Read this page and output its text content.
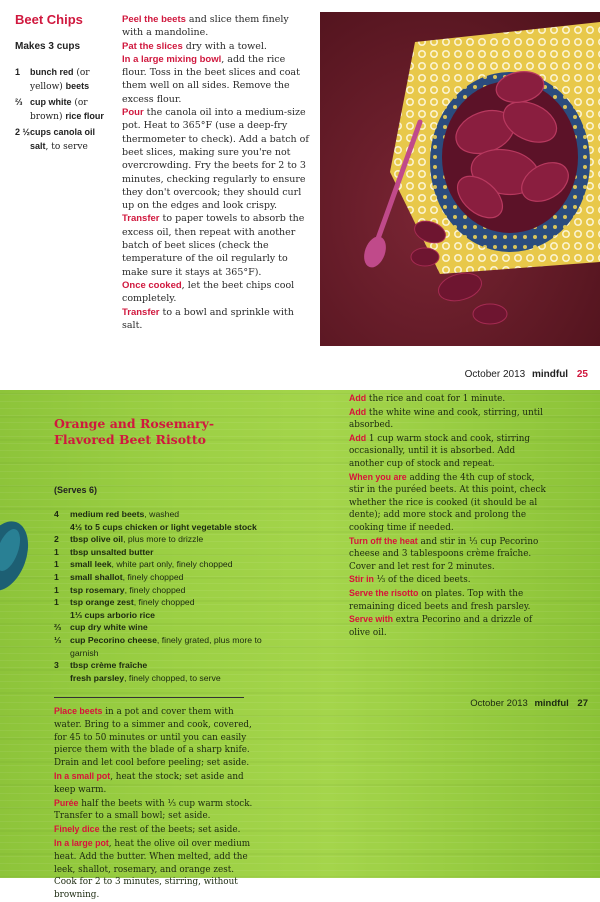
Beet Chips
Makes 3 cups
1	bunch red (or yellow) beets
⅔ cup white (or brown) rice flour
2 ½ cups canola oil
salt, to serve

Peel the beets and slice them finely with a mandoline.

Pat the slices dry with a towel.

In a large mixing bowl, add the rice flour. Toss in the beet slices and coat them well on all sides. Remove the excess flour.

Pour the canola oil into a medium-size pot. Heat to 365°F (use a deep-fry thermometer to check). Add a batch of beet slices, making sure you're not overcrowding. Fry the beets for 2 to 3 minutes, checking regularly to ensure they don't overcook; they should curl up on the edges and look crispy.

Transfer to paper towels to absorb the excess oil, then repeat with another batch of beet slices (check the temperature of the oil regularly to make sure it stays at 365°F).

Once cooked, let the beet chips cool completely.

Transfer to a bowl and sprinkle with salt.

October 2013 mindful 25
Orange and Rosemary-Flavored Beet Risotto
(Serves 6)
4	medium red beets, washed
4½ to 5 cups chicken or light vegetable stock
2	tbsp olive oil, plus more to drizzle
1	tbsp unsalted butter
1	small leek, white part only, finely chopped
1	small shallot, finely chopped
1	tsp rosemary, finely chopped
1	tsp orange zest, finely chopped
1⅓ cups arborio rice
⅔	cup dry white wine
⅓	cup Pecorino cheese, finely grated, plus more to garnish
3	tbsp crème fraîche
fresh parsley, finely chopped, to serve

Place beets in a pot and cover them with water. Bring to a simmer and cook, covered, for 45 to 50 minutes or until you can easily pierce them with the blade of a sharp knife. Drain and let cool before peeling; set aside.

In a small pot, heat the stock; set aside and keep warm.

Purée half the beets with ⅓ cup warm stock. Transfer to a small bowl; set aside.

Finely dice the rest of the beets; set aside.

In a large pot, heat the olive oil over medium heat. Add the butter. When melted, add the leek, shallot, rosemary, and orange zest. Cook for 2 to 3 minutes, stirring, without browning.

Add the rice and coat for 1 minute.

Add the white wine and cook, stirring, until absorbed.

Add 1 cup warm stock and cook, stirring occasionally, until it is absorbed. Add another cup of stock and repeat.

When you are adding the 4th cup of stock, stir in the puréed beets. At this point, check whether the rice is cooked (it should be al dente); add more stock and prolong the cooking time if needed.

Turn off the heat and stir in ⅓ cup Pecorino cheese and 3 tablespoons crème fraîche. Cover and let rest for 2 minutes.

Stir in ⅓ of the diced beets.

Serve the risotto on plates. Top with the remaining diced beets and fresh parsley.

Serve with extra Pecorino and a drizzle of olive oil.

October 2013 mindful 27
